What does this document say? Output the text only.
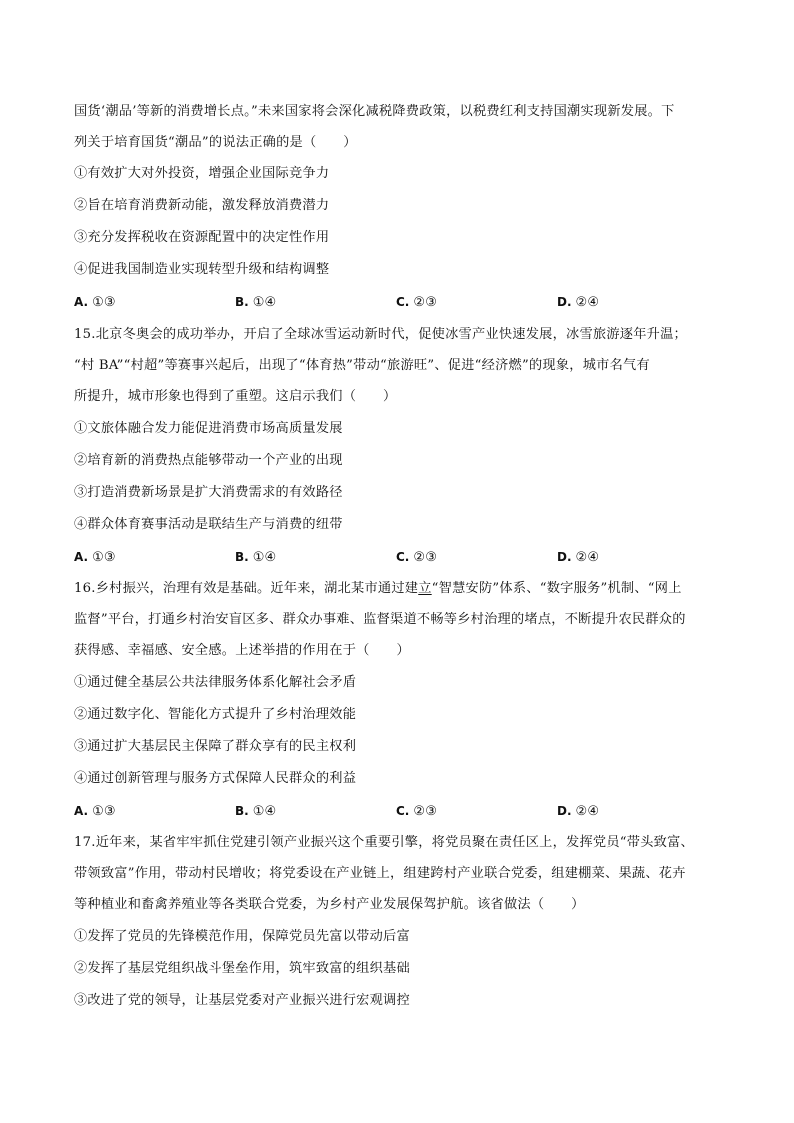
国货‘潮品’等新的消费增长点。”未来国家将会深化减税降费政策，以税费红利支持国潮实现新发展。下
列关于培育国货“潮品”的说法正确的是（　　）
①有效扩大对外投资，增强企业国际竞争力
②旨在培育消费新动能，激发释放消费潜力
③充分发挥税收在资源配置中的决定性作用
④促进我国制造业实现转型升级和结构调整
A. ①③	B. ①④	C. ②③	D. ②④
15.北京冬奥会的成功举办，开启了全球冰雪运动新时代，促使冰雪产业快速发展，冰雪旅游逐年升温；
“村 BA”“村超”等赛事兴起后，出现了“体育热”带动“旅游旺”、促进“经济燃”的现象，城市名气有
所提升，城市形象也得到了重塑。这启示我们（　　）
①文旅体融合发力能促进消费市场高质量发展
②培育新的消费热点能够带动一个产业的出现
③打造消费新场景是扩大消费需求的有效路径
④群众体育赛事活动是联结生产与消费的纽带
A. ①③	B. ①④	C. ②③	D. ②④
16.乡村振兴，治理有效是基础。近年来，湖北某市通过建立“智慧安防”体系、“数字服务”机制、“网上
监督”平台，打通乡村治安盲区多、群众办事难、监督渠道不畅等乡村治理的堵点，不断提升农民群众的
获得感、幸福感、安全感。上述举措的作用在于（　　）
①通过健全基层公共法律服务体系化解社会矛盾
②通过数字化、智能化方式提升了乡村治理效能
③通过扩大基层民主保障了群众享有的民主权利
④通过创新管理与服务方式保障人民群众的利益
A. ①③	B. ①④	C. ②③	D. ②④
17.近年来，某省牢牢抓住党建引领产业振兴这个重要引擎，将党员聚在责任区上，发挥党员“带头致富、
带领致富”作用，带动村民增收；将党委设在产业链上，组建跨村产业联合党委，组建棚菜、果蔬、花卉
等种植业和畜禽养殖业等各类联合党委，为乡村产业发展保驾护航。该省做法（　　）
①发挥了党员的先锋模范作用，保障党员先富以带动后富
②发挥了基层党组织战斗堡垒作用，筑牢致富的组织基础
③改进了党的领导，让基层党委对产业振兴进行宏观调控
